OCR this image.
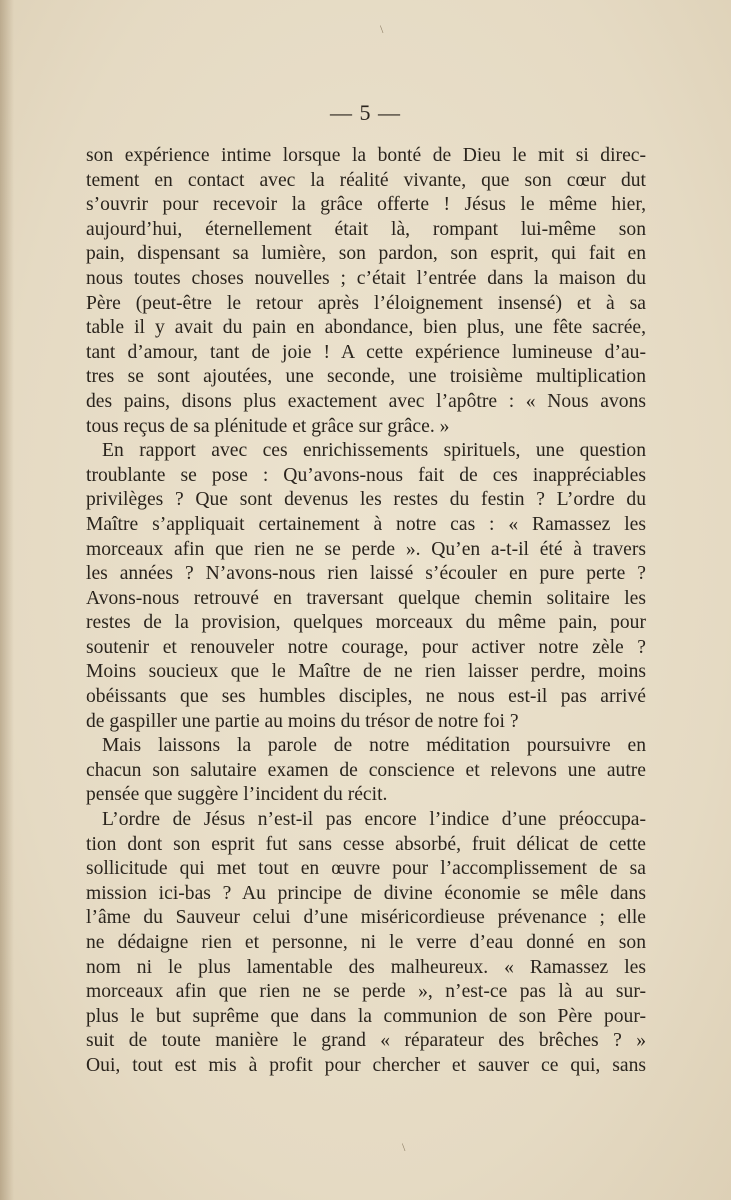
\
— 5 —
son expérience intime lorsque la bonté de Dieu le mit si direc-
tement en contact avec la réalité vivante, que son cœur dut
s’ouvrir pour recevoir la grâce offerte ! Jésus le même hier,
aujourd’hui, éternellement était là, rompant lui-même son
pain, dispensant sa lumière, son pardon, son esprit, qui fait en
nous toutes choses nouvelles ; c’était l’entrée dans la maison du
Père (peut-être le retour après l’éloignement insensé) et à sa
table il y avait du pain en abondance, bien plus, une fête sacrée,
tant d’amour, tant de joie ! A cette expérience lumineuse d’au-
tres se sont ajoutées, une seconde, une troisième multiplication
des pains, disons plus exactement avec l’apôtre : « Nous avons
tous reçus de sa plénitude et grâce sur grâce. »
En rapport avec ces enrichissements spirituels, une question
troublante se pose : Qu’avons-nous fait de ces inappréciables
privilèges ? Que sont devenus les restes du festin ? L’ordre du
Maître s’appliquait certainement à notre cas : « Ramassez les
morceaux afin que rien ne se perde ». Qu’en a-t-il été à travers
les années ? N’avons-nous rien laissé s’écouler en pure perte ?
Avons-nous retrouvé en traversant quelque chemin solitaire les
restes de la provision, quelques morceaux du même pain, pour
soutenir et renouveler notre courage, pour activer notre zèle ?
Moins soucieux que le Maître de ne rien laisser perdre, moins
obéissants que ses humbles disciples, ne nous est-il pas arrivé
de gaspiller une partie au moins du trésor de notre foi ?
Mais laissons la parole de notre méditation poursuivre en
chacun son salutaire examen de conscience et relevons une autre
pensée que suggère l’incident du récit.
L’ordre de Jésus n’est-il pas encore l’indice d’une préoccupa-
tion dont son esprit fut sans cesse absorbé, fruit délicat de cette
sollicitude qui met tout en œuvre pour l’accomplissement de sa
mission ici-bas ? Au principe de divine économie se mêle dans
l’âme du Sauveur celui d’une miséricordieuse prévenance ; elle
ne dédaigne rien et personne, ni le verre d’eau donné en son
nom ni le plus lamentable des malheureux. « Ramassez les
morceaux afin que rien ne se perde », n’est-ce pas là au sur-
plus le but suprême que dans la communion de son Père pour-
suit de toute manière le grand « réparateur des brêches ? »
Oui, tout est mis à profit pour chercher et sauver ce qui, sans
\
